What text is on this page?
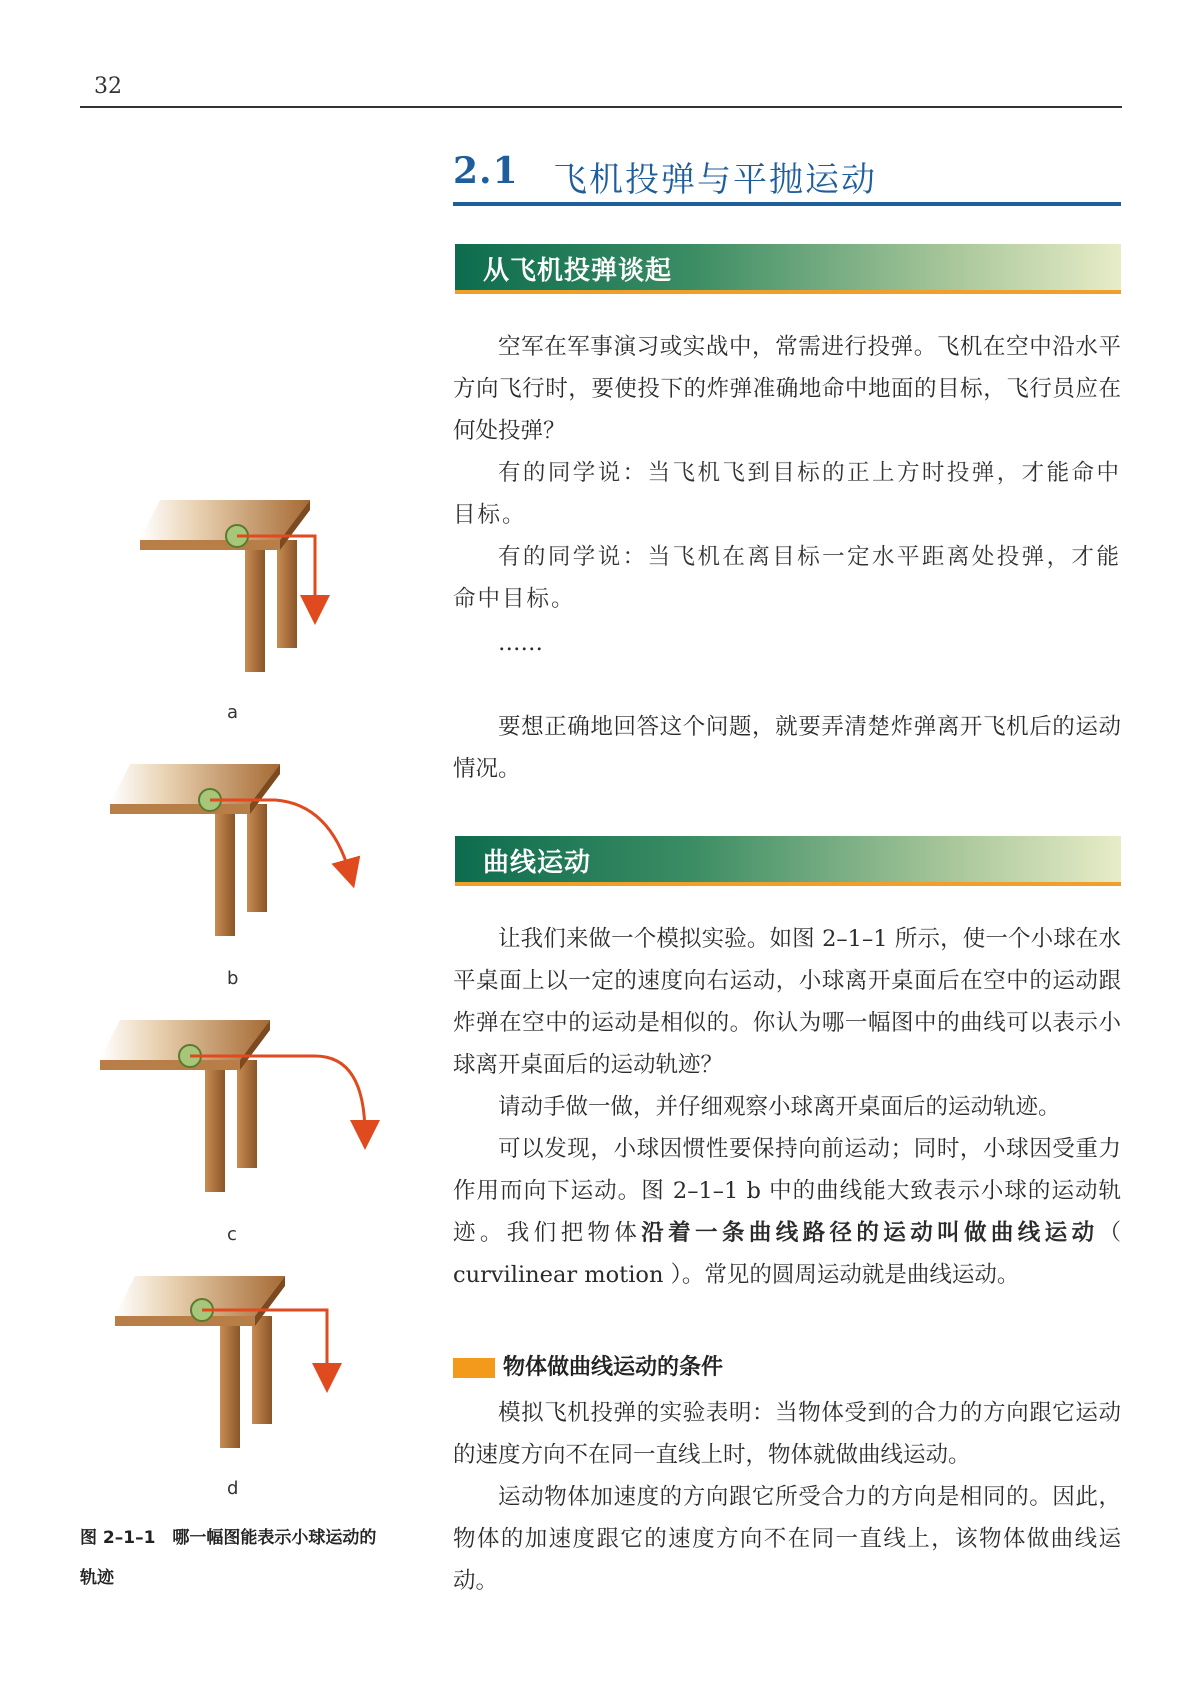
32
2.1 飞机投弹与平抛运动
从飞机投弹谈起

空军在军事演习或实战中，常需进行投弹。飞机在空中沿水平方向飞行时，要使投下的炸弹准确地命中地面的目标，飞行员应在何处投弹？

有的同学说：当飞机飞到目标的正上方时投弹，才能命中目标。

有的同学说：当飞机在离目标一定水平距离处投弹，才能命中目标。

……

要想正确地回答这个问题，就要弄清楚炸弹离开飞机后的运动情况。

曲线运动

让我们来做一个模拟实验。如图 2–1–1 所示，使一个小球在水平桌面上以一定的速度向右运动，小球离开桌面后在空中的运动跟炸弹在空中的运动是相似的。你认为哪一幅图中的曲线可以表示小球离开桌面后的运动轨迹？

请动手做一做，并仔细观察小球离开桌面后的运动轨迹。

可以发现，小球因惯性要保持向前运动；同时，小球因受重力作用而向下运动。图 2–1–1 b 中的曲线能大致表示小球的运动轨迹。我们把物体沿着一条曲线路径的运动叫做曲线运动（ curvilinear motion ）。常见的圆周运动就是曲线运动。

物体做曲线运动的条件

模拟飞机投弹的实验表明：当物体受到的合力的方向跟它运动的速度方向不在同一直线上时，物体就做曲线运动。

运动物体加速度的方向跟它所受合力的方向是相同的。因此，物体的加速度跟它的速度方向不在同一直线上，该物体做曲线运动。

a
b
c
d
图 2–1–1　哪一幅图能表示小球运动的轨迹
